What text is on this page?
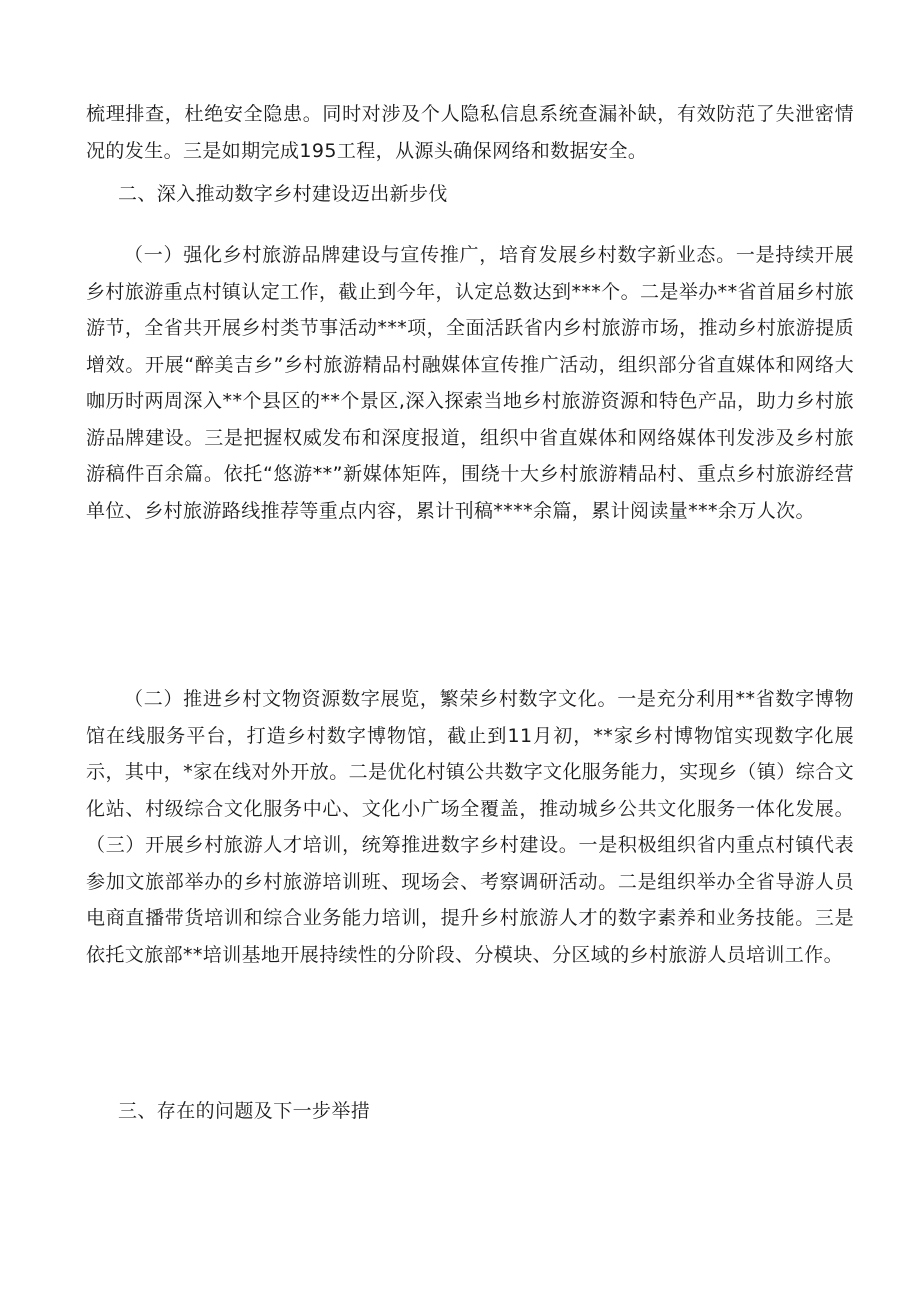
梳理排查，杜绝安全隐患。同时对涉及个人隐私信息系统查漏补缺，有效防范了失泄密情况的发生。三是如期完成195工程，从源头确保网络和数据安全。

二、深入推动数字乡村建设迈出新步伐

（一）强化乡村旅游品牌建设与宣传推广，培育发展乡村数字新业态。一是持续开展乡村旅游重点村镇认定工作，截止到今年，认定总数达到***个。二是举办**省首届乡村旅游节，全省共开展乡村类节事活动***项，全面活跃省内乡村旅游市场，推动乡村旅游提质增效。开展“醉美吉乡”乡村旅游精品村融媒体宣传推广活动，组织部分省直媒体和网络大咖历时两周深入**个县区的**个景区,深入探索当地乡村旅游资源和特色产品，助力乡村旅游品牌建设。三是把握权威发布和深度报道，组织中省直媒体和网络媒体刊发涉及乡村旅游稿件百余篇。依托“悠游**”新媒体矩阵，围绕十大乡村旅游精品村、重点乡村旅游经营单位、乡村旅游路线推荐等重点内容，累计刊稿****余篇，累计阅读量***余万人次。

（二）推进乡村文物资源数字展览，繁荣乡村数字文化。一是充分利用**省数字博物馆在线服务平台，打造乡村数字博物馆，截止到11月初，**家乡村博物馆实现数字化展示，其中，*家在线对外开放。二是优化村镇公共数字文化服务能力，实现乡（镇）综合文化站、村级综合文化服务中心、文化小广场全覆盖，推动城乡公共文化服务一体化发展。（三）开展乡村旅游人才培训，统筹推进数字乡村建设。一是积极组织省内重点村镇代表参加文旅部举办的乡村旅游培训班、现场会、考察调研活动。二是组织举办全省导游人员电商直播带货培训和综合业务能力培训，提升乡村旅游人才的数字素养和业务技能。三是依托文旅部**培训基地开展持续性的分阶段、分模块、分区域的乡村旅游人员培训工作。

三、存在的问题及下一步举措
